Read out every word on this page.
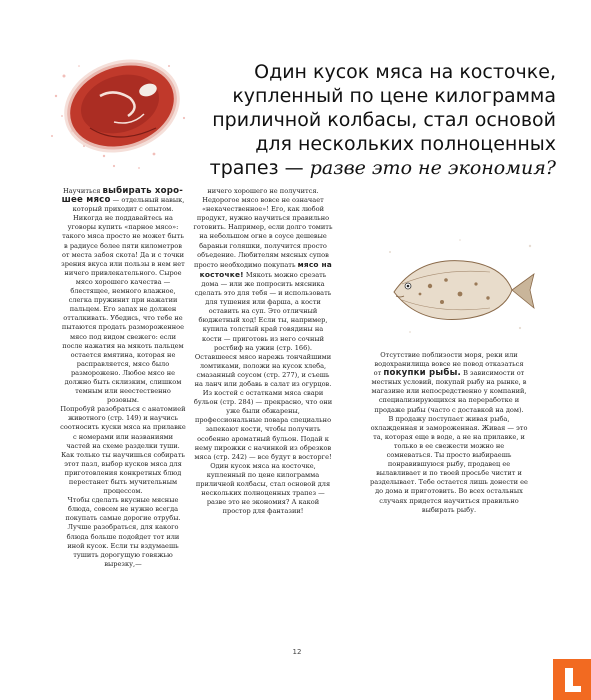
Один кусок мяса на косточке, купленный по цене килограмма приличной колбасы, стал основой для нескольких полноценных трапез — разве это не экономия?

Научиться выбирать хоро-шее мясо — отдельный навык, который приходит с опытом. Никогда не поддавайтесь на уговоры купить «парное мясо»: такого мяса просто не может быть в радиусе более пяти километров от места забоя скота! Да и с точки зрения вкуса или пользы в нем нет ничего привлекательного. Сырое мясо хорошего качества — блестящее, немного влажное, слегка пружинит при нажатии пальцем. Его запах не должен отталкивать. Убедись, что тебе не пытаются продать размороженное мясо под видом свежего: если после нажатия на мякоть пальцем остается вмятина, которая не расправляется, мясо было разморожено. Любое мясо не должно быть склизким, слишком темным или неестественно розовым.

Попробуй разобраться с анатомией животного (стр. 149) и научись соотносить куски мяса на прилавке с номерами или названиями частей на схеме разделки туши. Как только ты научишься собирать этот пазл, выбор кусков мяса для приготовления конкретных блюд перестанет быть мучительным процессом.

Чтобы сделать вкусные мясные блюда, совсем не нужно всегда покупать самые дорогие отрубы. Лучше разобраться, для какого блюда больше подойдет тот или иной кусок. Если ты вздумаешь тушить дорогущую говяжью вырезку,—

ничего хорошего не получится. Недорогое мясо вовсе не означает «некачественное»! Его, как любой продукт, нужно научиться правильно готовить. Например, если долго томить на небольшом огне в соусе дешевые бараньи голяшки, получится просто объедение. Любителям мясных супов просто необходимо покупать мясо на косточке! Мякоть можно срезать дома — или же попросить мясника сделать это для тебя — и использовать для тушения или фарша, а кости оставить на суп. Это отличный бюджетный ход! Если ты, например, купила толстый край говядины на кости — приготовь из него сочный ростбиф на ужин (стр. 166). Оставшееся мясо нарежь тончайшими ломтиками, положи на кусок хлеба, смазанный соусом (стр. 277), и съешь на ланч или добавь в салат из огурцов. Из костей с остатками мяса свари бульон (стр. 284) — прекрасно, что они уже были обжарены, профессиональные повара специально запекают кости, чтобы получить особенно ароматный бульон. Подай к нему пирожки с начинкой из обрезков мяса (стр. 242) — все будут в восторге! Один кусок мяса на косточке, купленный по цене килограмма приличной колбасы, стал основой для нескольких полноценных трапез — разве это не экономия? А какой простор для фантазии!

Отсутствие поблизости моря, реки или водохранилища вовсе не повод отказаться от покупки рыбы. В зависимости от местных условий, покупай рыбу на рынке, в магазине или непосредственно у компаний, специализирующихся на переработке и продаже рыбы (часто с доставкой на дом).

В продажу поступает живая рыба, охлажденная и замороженная. Живая — это та, которая еще в воде, а не на прилавке, и только в ее свежести можно не сомневаться. Ты просто выбираешь понравившуюся рыбу, продавец ее вылавливает и по твоей просьбе чистит и разделывает. Тебе остается лишь донести ее до дома и приготовить. Во всех остальных случаях придется научиться правильно выбирать рыбу.

12
